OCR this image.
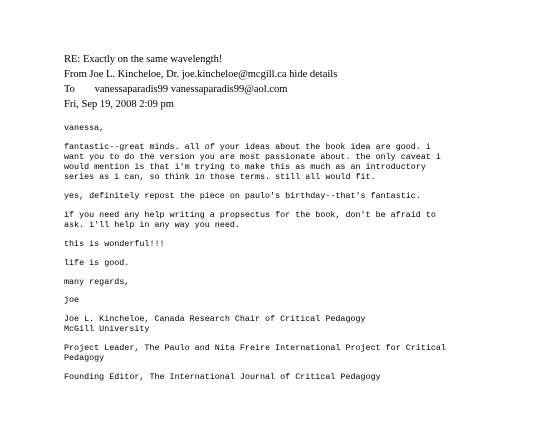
RE: Exactly on the same wavelength!
From Joe L. Kincheloe, Dr. joe.kincheloe@mcgill.ca hide details
To vanessaparadis99 vanessaparadis99@aol.com
Fri, Sep 19, 2008 2:09 pm

vanessa,

fantastic--great minds. all of your ideas about the book idea are good. i
want you to do the version you are most passionate about. the only caveat i
would mention is that i'm trying to make this as much as an introductory
series as i can, so think in those terms. still all would fit.

yes, definitely repost the piece on paulo's birthday--that's fantastic.

if you need any help writing a propsectus for the book, don't be afraid to
ask. i'll help in any way you need.

this is wonderful!!!

life is good.

many regards,

joe

Joe L. Kincheloe, Canada Research Chair of Critical Pedagogy
McGill University

Project Leader, The Paulo and Nita Freire International Project for Critical
Pedagogy

Founding Editor, The International Journal of Critical Pedagogy
